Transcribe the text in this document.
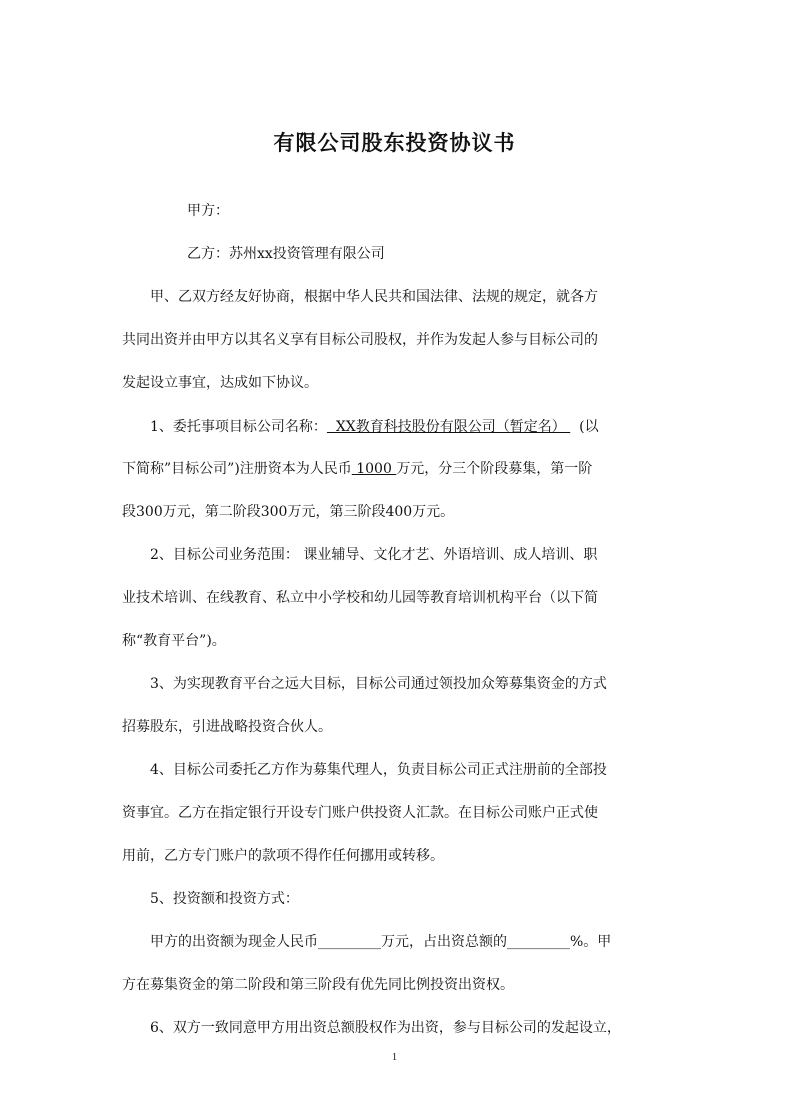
有限公司股东投资协议书
甲方：
乙方：苏州xx投资管理有限公司
甲、乙双方经友好协商，根据中华人民共和国法律、法规的规定，就各方
共同出资并由甲方以其名义享有目标公司股权，并作为发起人参与目标公司的
发起设立事宜，达成如下协议。
1、委托事项目标公司名称：  XX教育科技股份有限公司（暂定名）   (以
下简称”目标公司”)注册资本为人民币 1000 万元，分三个阶段募集，第一阶
段300万元，第二阶段300万元，第三阶段400万元。
2、目标公司业务范围： 课业辅导、文化才艺、外语培训、成人培训、职
业技术培训、在线教育、私立中小学校和幼儿园等教育培训机构平台（以下简
称“教育平台”)。
3、为实现教育平台之远大目标，目标公司通过领投加众筹募集资金的方式
招募股东，引进战略投资合伙人。
4、目标公司委托乙方作为募集代理人，负责目标公司正式注册前的全部投
资事宜。乙方在指定银行开设专门账户供投资人汇款。在目标公司账户正式使
用前，乙方专门账户的款项不得作任何挪用或转移。
5、投资额和投资方式：
甲方的出资额为现金人民币_________万元，占出资总额的_________%。甲
方在募集资金的第二阶段和第三阶段有优先同比例投资出资权。
6、双方一致同意甲方用出资总额股权作为出资，参与目标公司的发起设立，
1
